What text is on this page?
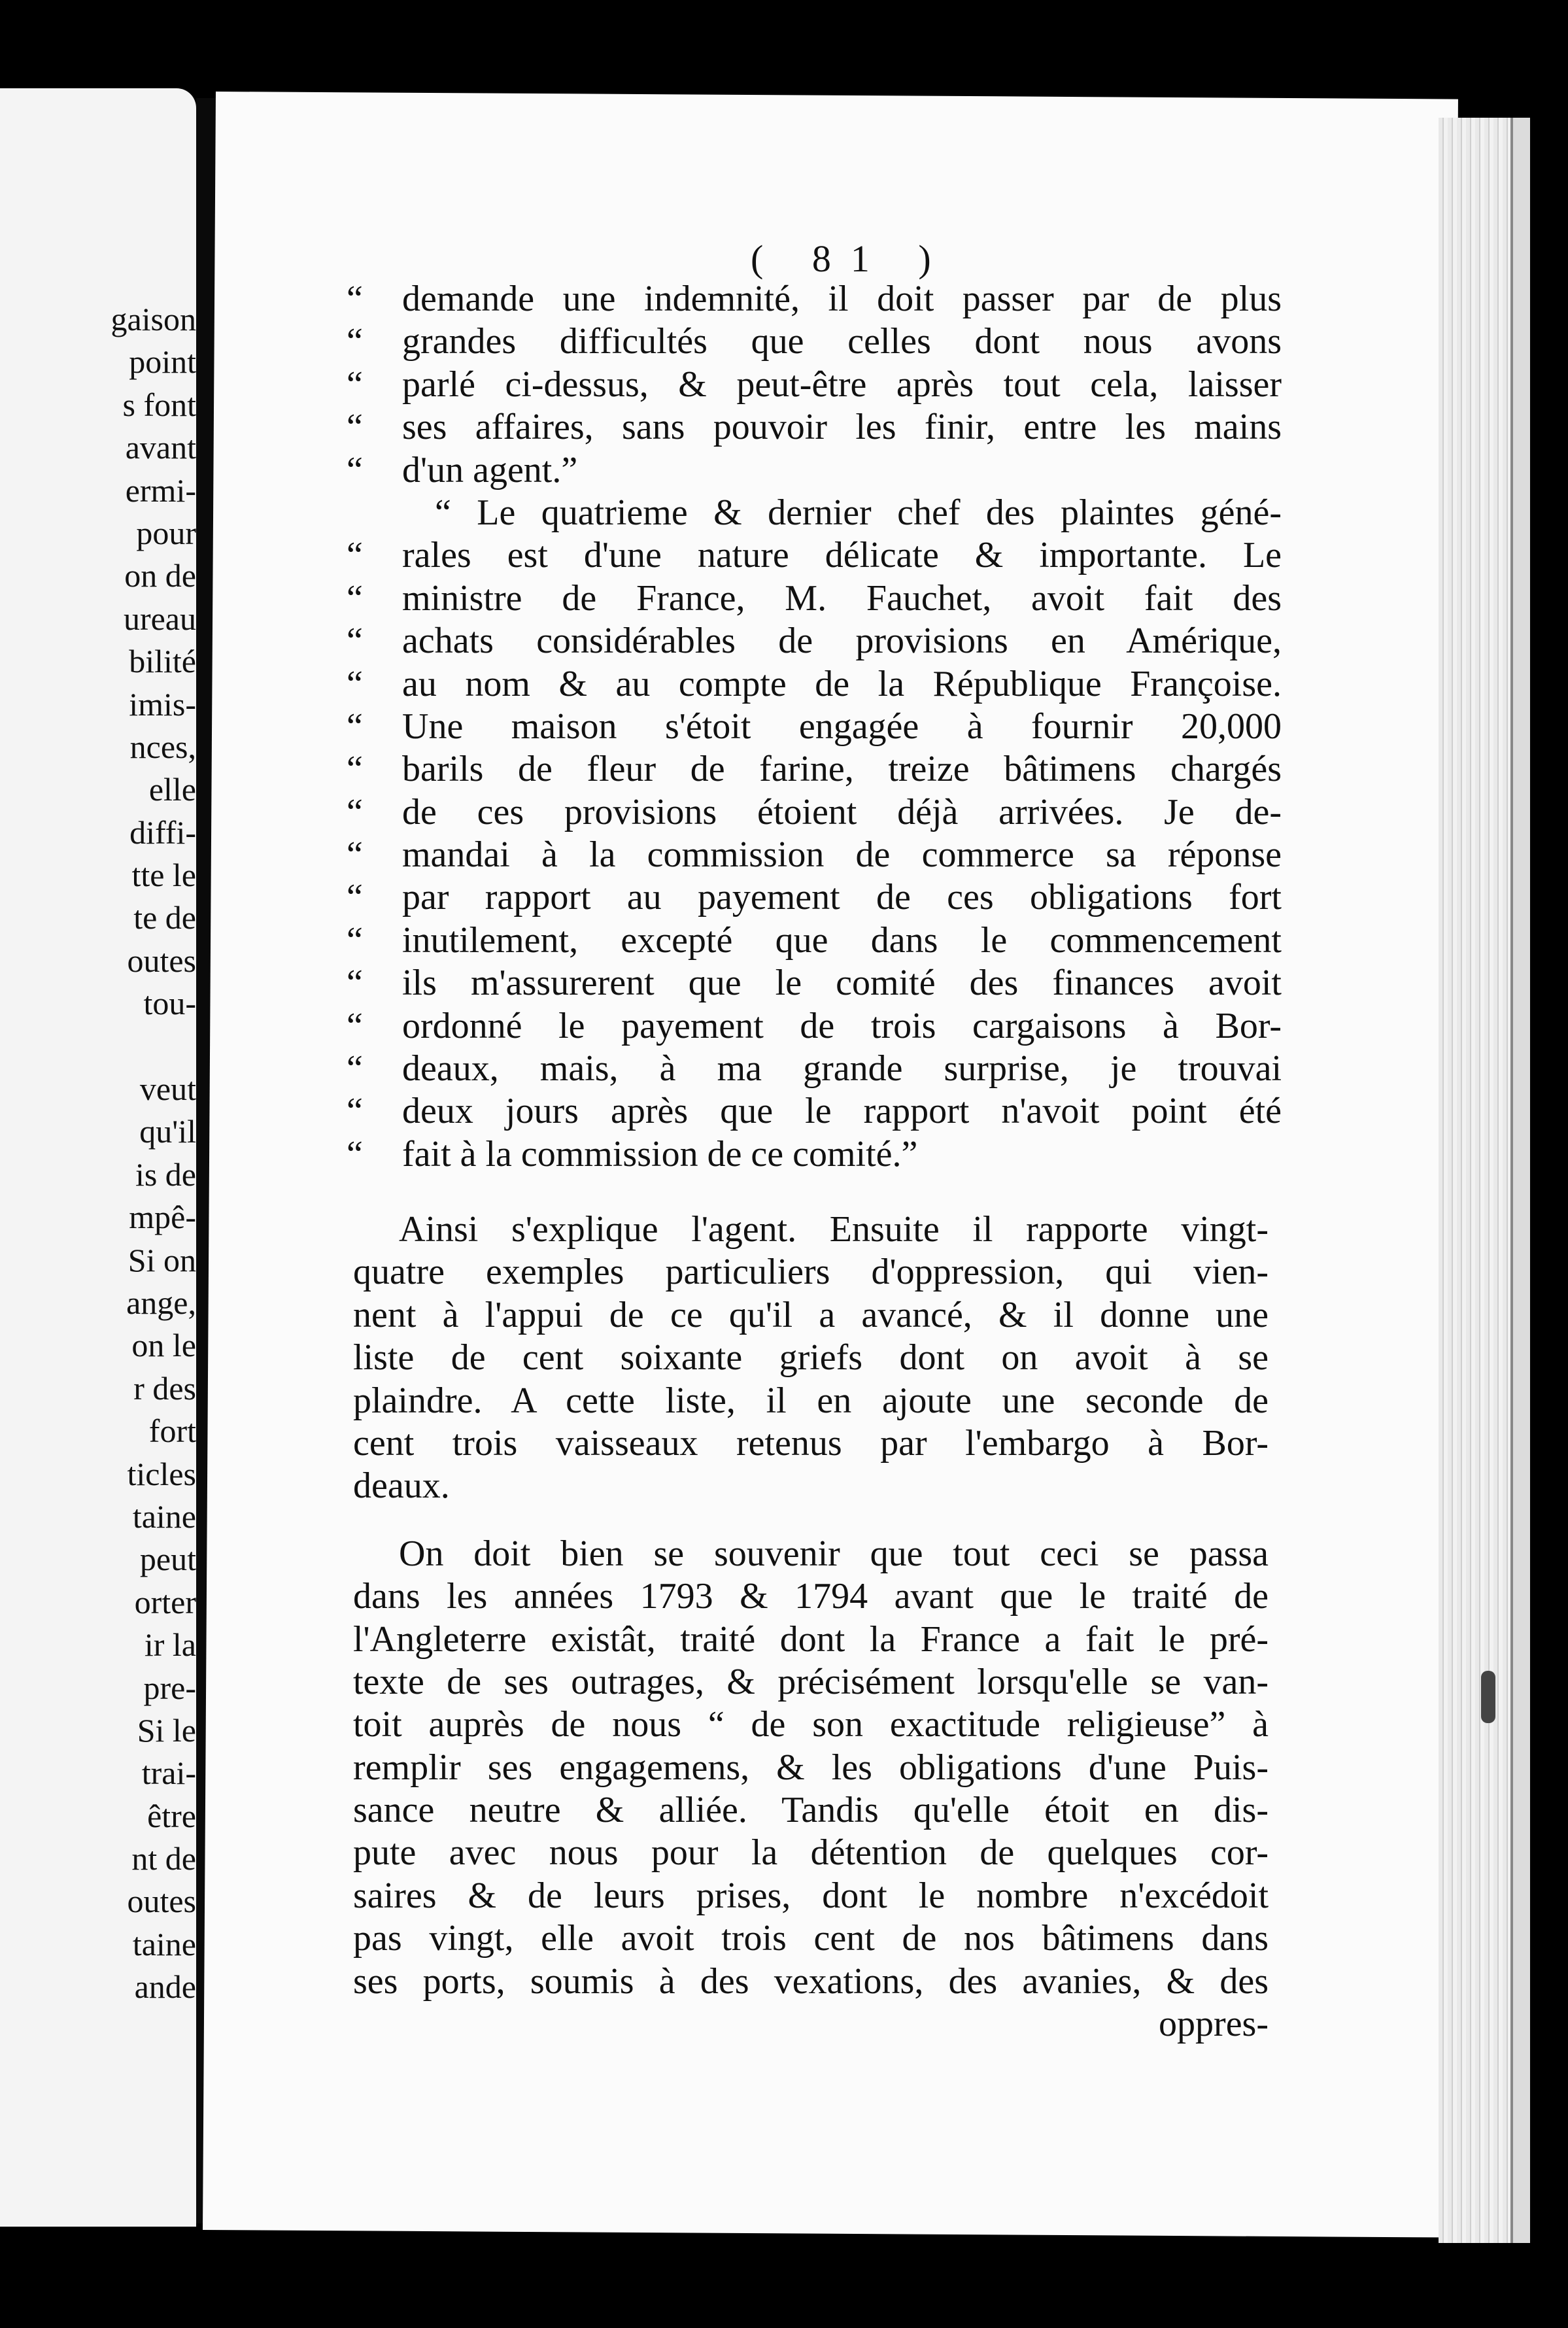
gaison
point
s font
avant
ermi-
pour
on de
ureau
bilité
imis-
nces,
elle
diffi-
tte le
te de
outes
tou-
veut
qu'il
is de
mpê-
Si on
ange,
on le
r des
fort
ticles
taine
peut
orter
ir la
pre-
Si le
trai-
être
nt de
outes
taine
ande
( 81 )
“	demande une indemnité, il doit passer par de plus
“	grandes difficultés que celles dont nous avons
“	parlé ci-dessus, & peut-être après tout cela, laisser
“	ses affaires, sans pouvoir les finir, entre les mains
“	d'un agent.”
“ Le quatrieme & dernier chef des plaintes géné-
“	rales est d'une nature délicate & importante. Le
“	ministre de France, M. Fauchet, avoit fait des
“	achats considérables de provisions en Amérique,
“	au nom & au compte de la République Françoise.
“	Une maison s'étoit engagée à fournir 20,000
“	barils de fleur de farine, treize bâtimens chargés
“	de ces provisions étoient déjà arrivées. Je de-
“	mandai à la commission de commerce sa réponse
“	par rapport au payement de ces obligations fort
“	inutilement, excepté que dans le commencement
“	ils m'assurerent que le comité des finances avoit
“	ordonné le payement de trois cargaisons à Bor-
“	deaux, mais, à ma grande surprise, je trouvai
“	deux jours après que le rapport n'avoit point été
“	fait à la commission de ce comité.”
Ainsi s'explique l'agent. Ensuite il rapporte vingt-
quatre exemples particuliers d'oppression, qui vien-
nent à l'appui de ce qu'il a avancé, & il donne une
liste de cent soixante griefs dont on avoit à se
plaindre. A cette liste, il en ajoute une seconde de
cent trois vaisseaux retenus par l'embargo à Bor-
deaux.
On doit bien se souvenir que tout ceci se passa
dans les années 1793 & 1794 avant que le traité de
l'Angleterre existât, traité dont la France a fait le pré-
texte de ses outrages, & précisément lorsqu'elle se van-
toit auprès de nous “ de son exactitude religieuse” à
remplir ses engagemens, & les obligations d'une Puis-
sance neutre & alliée. Tandis qu'elle étoit en dis-
pute avec nous pour la détention de quelques cor-
saires & de leurs prises, dont le nombre n'excédoit
pas vingt, elle avoit trois cent de nos bâtimens dans
ses ports, soumis à des vexations, des avanies, & des
oppres-
